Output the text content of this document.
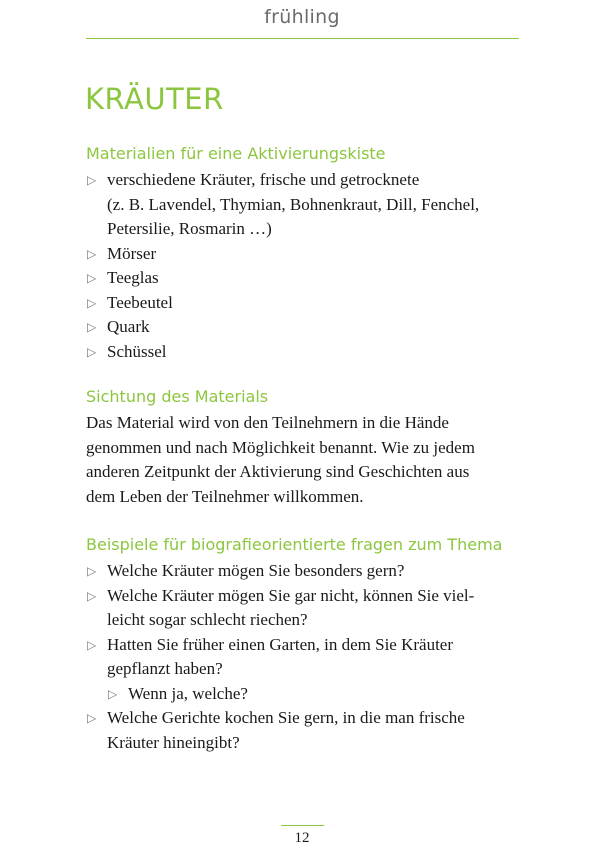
frühling
KRÄUTER
Materialien für eine Aktivierungskiste
▷ verschiedene Kräuter, frische und getrocknete
(z. B. Lavendel, Thymian, Bohnenkraut, Dill, Fenchel,
Petersilie, Rosmarin …)
▷ Mörser
▷ Teeglas
▷ Teebeutel
▷ Quark
▷ Schüssel
Sichtung des Materials

Das Material wird von den Teilnehmern in die Hände
genommen und nach Möglichkeit benannt. Wie zu jedem
anderen Zeitpunkt der Aktivierung sind Geschichten aus
dem Leben der Teilnehmer willkommen.

Beispiele für biografieorientierte fragen zum Thema
▷ Welche Kräuter mögen Sie besonders gern?
▷ Welche Kräuter mögen Sie gar nicht, können Sie viel-
leicht sogar schlecht riechen?
▷ Hatten Sie früher einen Garten, in dem Sie Kräuter
gepflanzt haben?
▷ Wenn ja, welche?
▷ Welche Gerichte kochen Sie gern, in die man frische
Kräuter hineingibt?
12
